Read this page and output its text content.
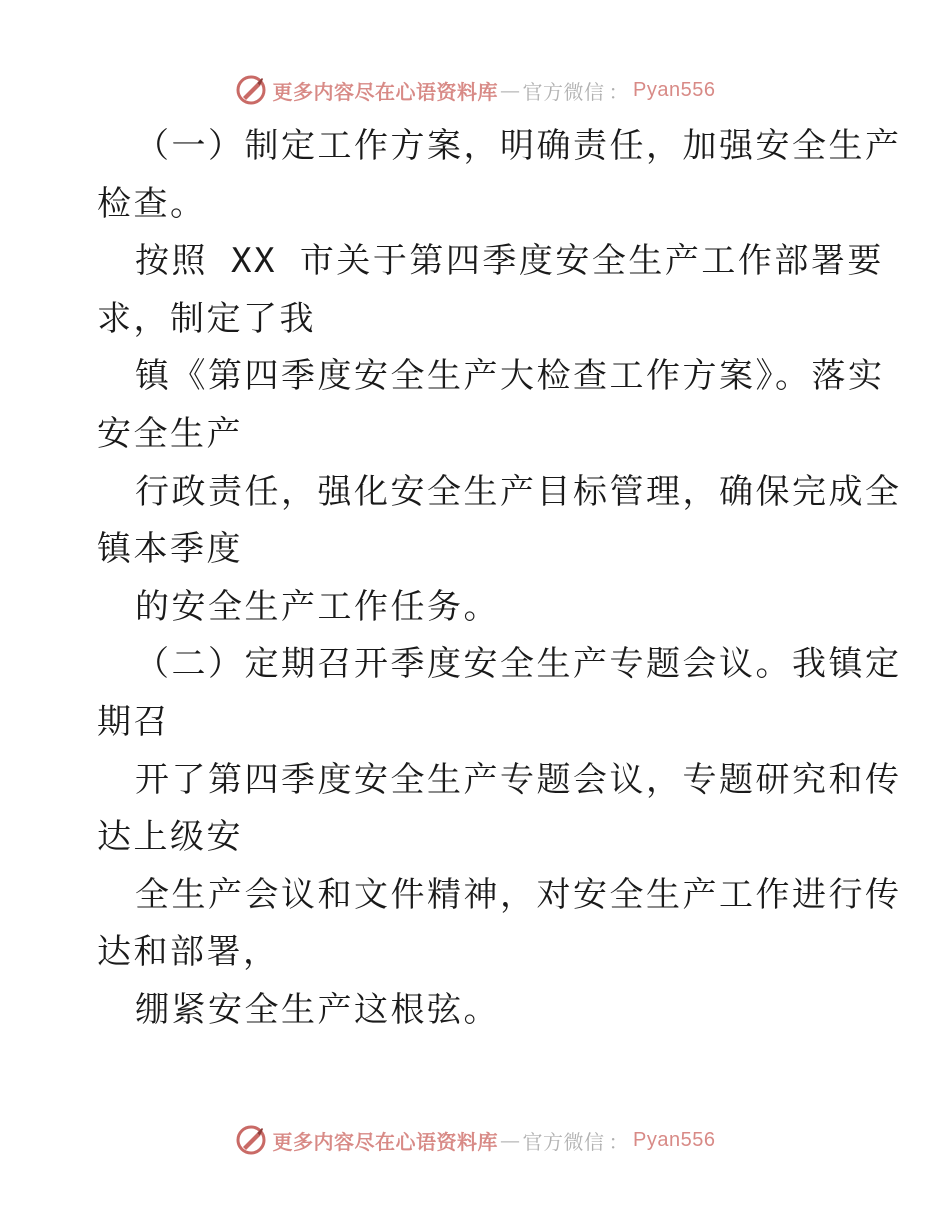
更多内容尽在心语资料库 — 官方微信 ： Pyan556
（一）制定工作方案，明确责任，加强安全生产
检查。
按照 XX 市关于第四季度安全生产工作部署要
求，制定了我
镇《第四季度安全生产大检查工作方案》。落实
安全生产
行政责任，强化安全生产目标管理，确保完成全
镇本季度
的安全生产工作任务。
（二）定期召开季度安全生产专题会议。我镇定
期召
开了第四季度安全生产专题会议，专题研究和传
达上级安
全生产会议和文件精神，对安全生产工作进行传
达和部署，
绷紧安全生产这根弦。
更多内容尽在心语资料库 — 官方微信 ： Pyan556
